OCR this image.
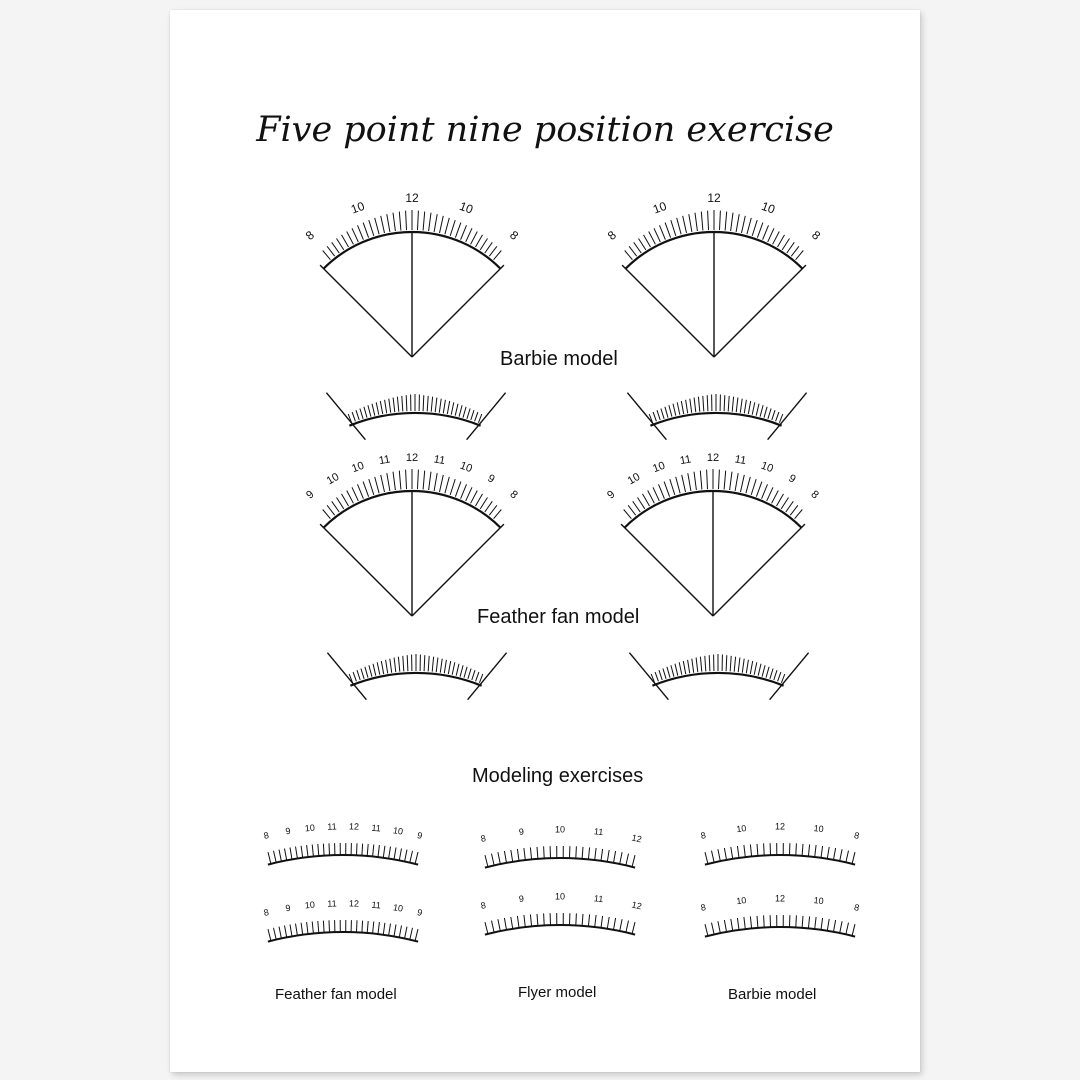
Five point nine position exercise
Barbie model
Feather fan model
Modeling exercises
Feather fan model	Flyer model	Barbie model
8
10
12
10
8	8
10
12
10
8
9
10
10 11 12 11 10
9
8	9
10
10 11 12 11 10
9
8
8 9 10 11 12 11 10 9
8 9 10 11 12 11 10 9
8
9	10	11
12
8
9	10	11
12
8
10	12	10
8
8
10	12	10
8
